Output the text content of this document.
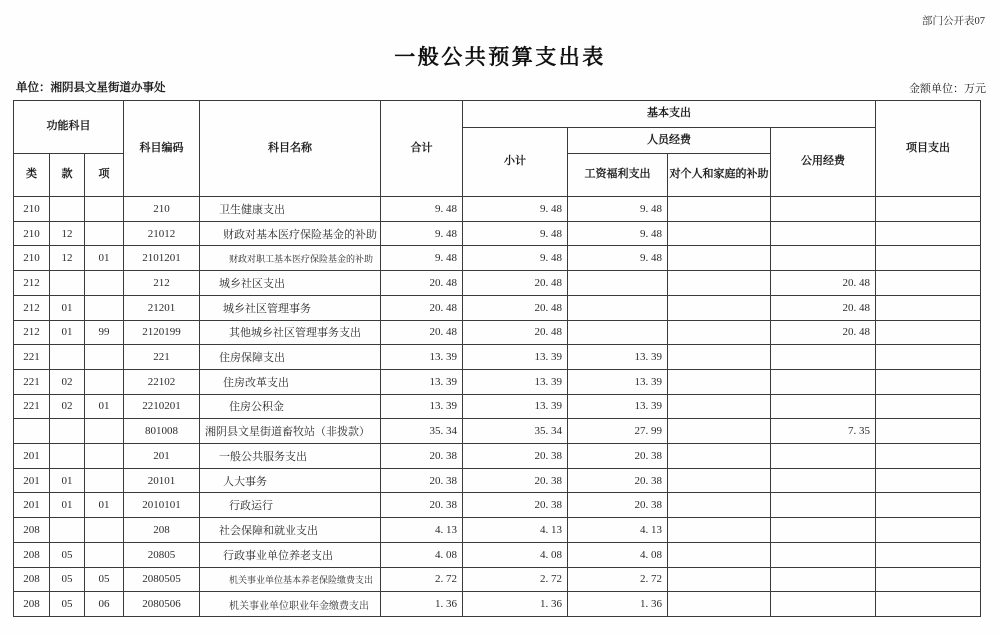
部门公开表07
一般公共预算支出表
单位：湘阴县文星街道办事处	金额单位：万元
功能科目			科目编码	科目名称	合计	基本支出				项目支出
						小计	人员经费		公用经费	
类	款	项					工资福利支出	对个人和家庭的补助		
210			210	卫生健康支出	9. 48	9. 48	9. 48			
210	12		21012	财政对基本医疗保险基金的补助	9. 48	9. 48	9. 48			
210	12	01	2101201	财政对职工基本医疗保险基金的补助	9. 48	9. 48	9. 48			
212			212	城乡社区支出	20. 48	20. 48			20. 48	
212	01		21201	城乡社区管理事务	20. 48	20. 48			20. 48	
212	01	99	2120199	其他城乡社区管理事务支出	20. 48	20. 48			20. 48	
221			221	住房保障支出	13. 39	13. 39	13. 39			
221	02		22102	住房改革支出	13. 39	13. 39	13. 39			
221	02	01	2210201	住房公积金	13. 39	13. 39	13. 39			
			801008	湘阴县文星街道畜牧站（非拨款）	35. 34	35. 34	27. 99		7. 35	
201			201	一般公共服务支出	20. 38	20. 38	20. 38			
201	01		20101	人大事务	20. 38	20. 38	20. 38			
201	01	01	2010101	行政运行	20. 38	20. 38	20. 38			
208			208	社会保障和就业支出	4. 13	4. 13	4. 13			
208	05		20805	行政事业单位养老支出	4. 08	4. 08	4. 08			
208	05	05	2080505	机关事业单位基本养老保险缴费支出	2. 72	2. 72	2. 72			
208	05	06	2080506	机关事业单位职业年金缴费支出	1. 36	1. 36	1. 36			
